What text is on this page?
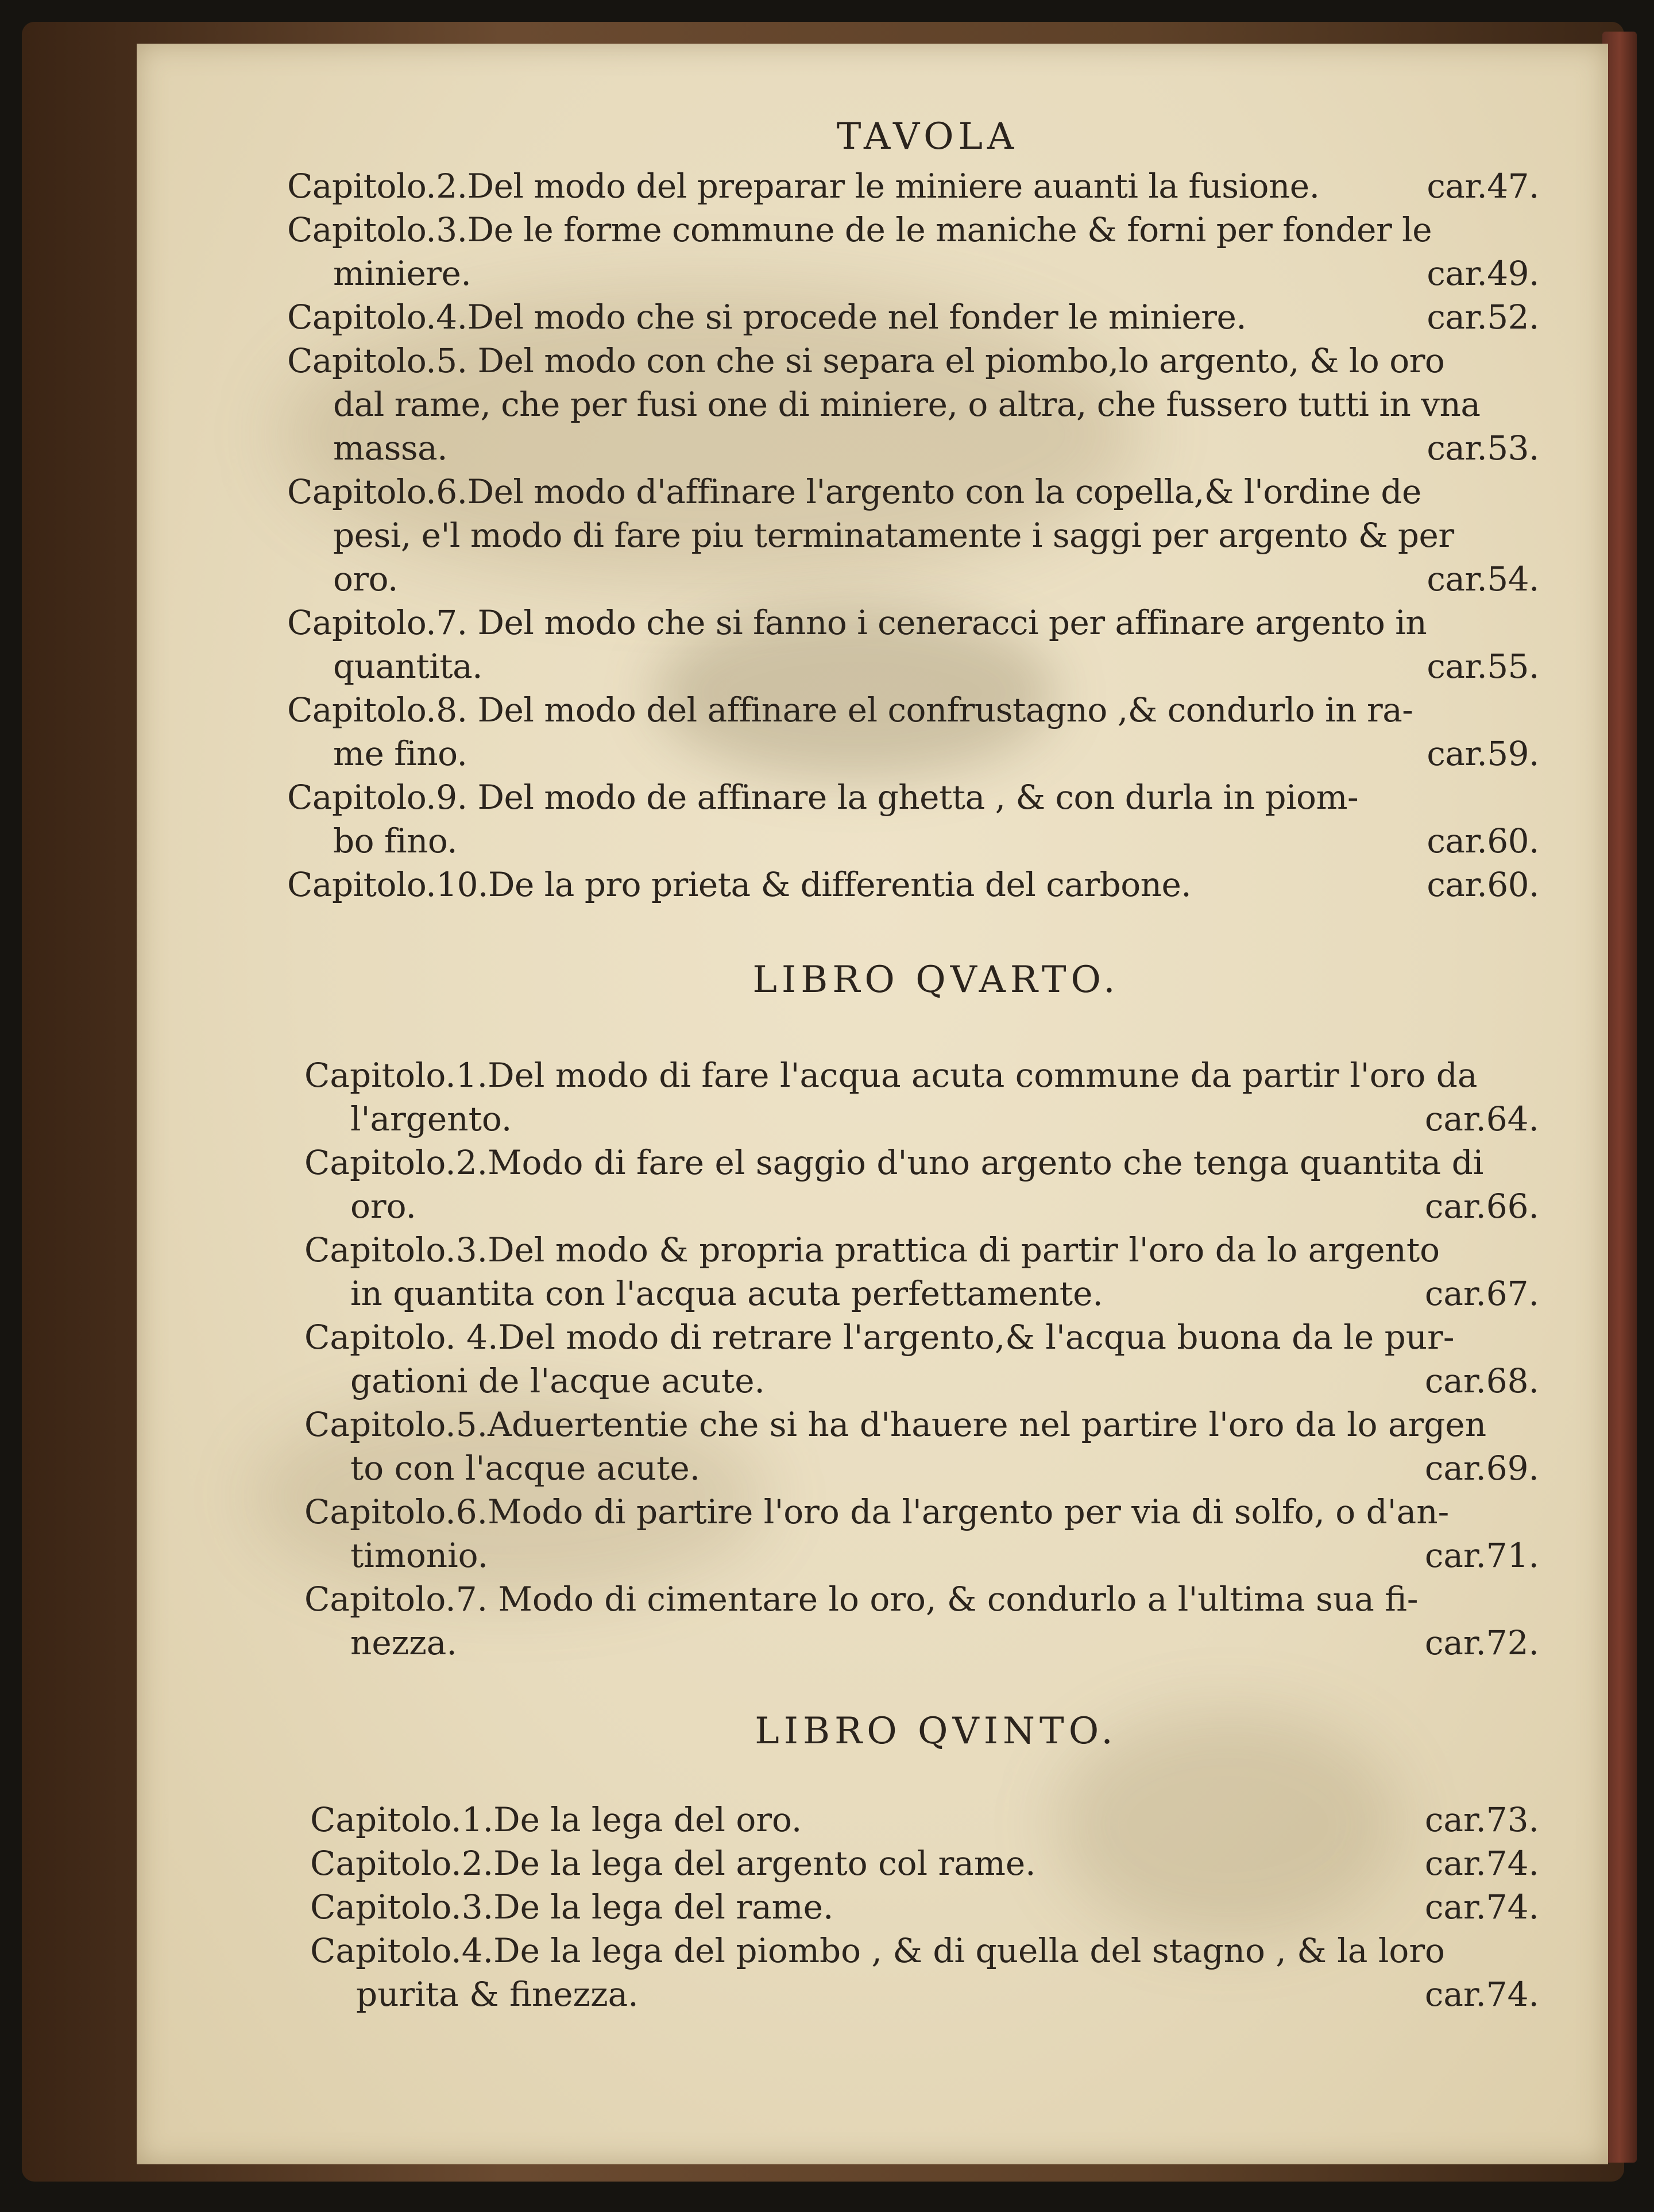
TAVOLA
Capitolo.2.Del modo del preparar le miniere auanti la fusione.	car.47.
Capitolo.3.De le forme commune de le maniche & forni per fonder le
miniere.	car.49.
Capitolo.4.Del modo che si procede nel fonder le miniere.	car.52.
Capitolo.5. Del modo con che si separa el piombo,lo argento, & lo oro
dal rame, che per fusi one di miniere, o altra, che fussero tutti in vna
massa.	car.53.
Capitolo.6.Del modo d'affinare l'argento con la copella,& l'ordine de
pesi, e'l modo di fare piu terminatamente i saggi per argento & per
oro.	car.54.
Capitolo.7. Del modo che si fanno i ceneracci per affinare argento in
quantita.	car.55.
Capitolo.8. Del modo del affinare el confrustagno ,& condurlo in ra-
me fino.	car.59.
Capitolo.9. Del modo de affinare la ghetta , & con durla in piom-
bo fino.	car.60.
Capitolo.10.De la pro prieta & differentia del carbone.	car.60.
LIBRO QVARTO.
Capitolo.1.Del modo di fare l'acqua acuta commune da partir l'oro da
l'argento.	car.64.
Capitolo.2.Modo di fare el saggio d'uno argento che tenga quantita di
oro.	car.66.
Capitolo.3.Del modo & propria prattica di partir l'oro da lo argento
in quantita con l'acqua acuta perfettamente.	car.67.
Capitolo. 4.Del modo di retrare l'argento,& l'acqua buona da le pur-
gationi de l'acque acute.	car.68.
Capitolo.5.Aduertentie che si ha d'hauere nel partire l'oro da lo argen
to con l'acque acute.	car.69.
Capitolo.6.Modo di partire l'oro da l'argento per via di solfo, o d'an-
timonio.	car.71.
Capitolo.7. Modo di cimentare lo oro, & condurlo a l'ultima sua fi-
nezza.	car.72.
LIBRO QVINTO.
Capitolo.1.De la lega del oro.	car.73.
Capitolo.2.De la lega del argento col rame.	car.74.
Capitolo.3.De la lega del rame.	car.74.
Capitolo.4.De la lega del piombo , & di quella del stagno , & la loro
purita & finezza.	car.74.
